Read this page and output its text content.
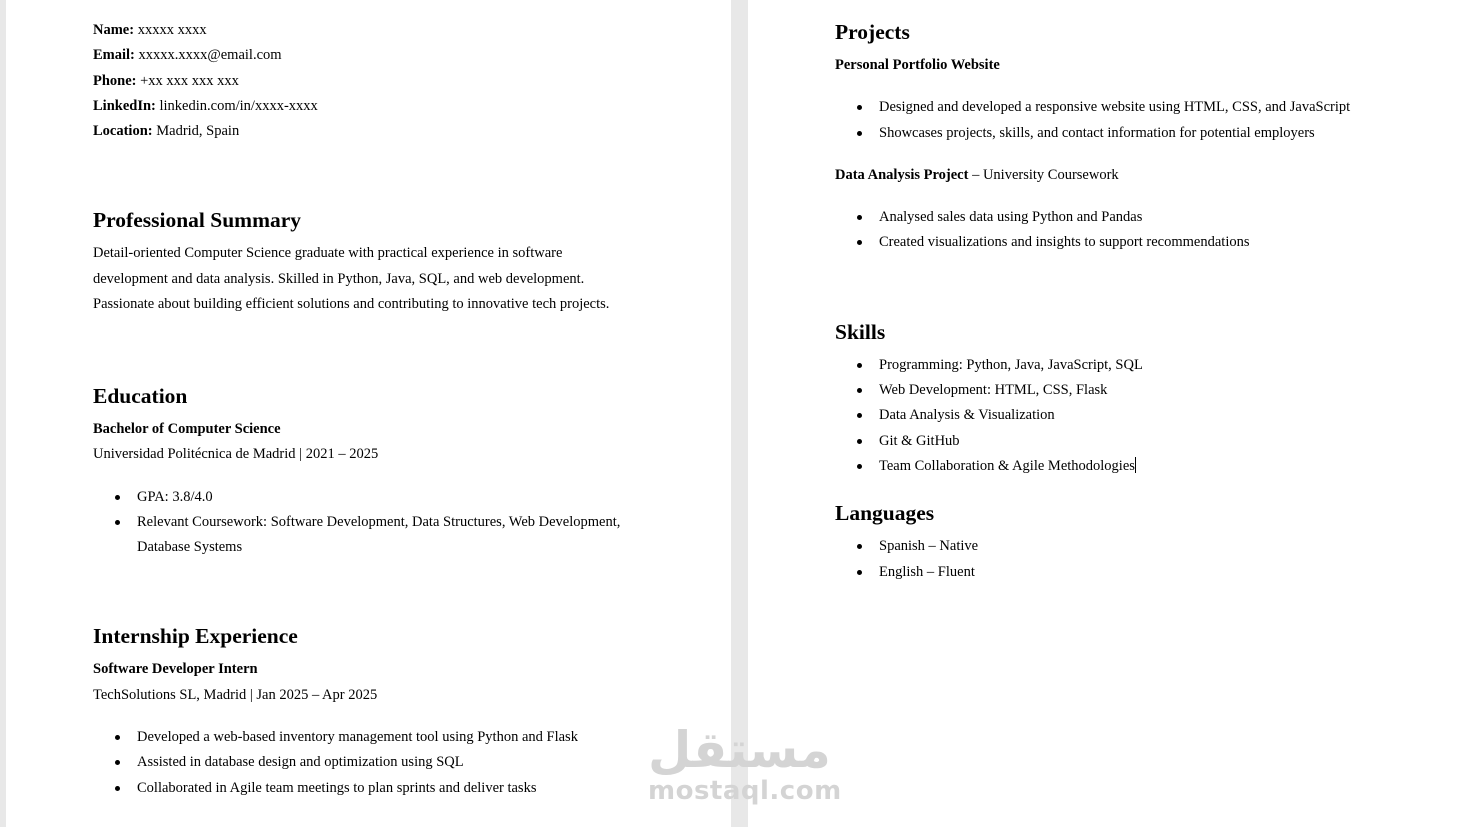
Name: xxxxx xxxx
Email: xxxxx.xxxx@email.com
Phone: +xx xxx xxx xxx
LinkedIn: linkedin.com/in/xxxx-xxxx
Location: Madrid, Spain
Professional Summary
Detail-oriented Computer Science graduate with practical experience in software
development and data analysis. Skilled in Python, Java, SQL, and web development.
Passionate about building efficient solutions and contributing to innovative tech projects.
Education
Bachelor of Computer Science
Universidad Politécnica de Madrid | 2021 – 2025
GPA: 3.8/4.0
Relevant Coursework: Software Development, Data Structures, Web Development,
Database Systems
Internship Experience
Software Developer Intern
TechSolutions SL, Madrid | Jan 2025 – Apr 2025
Developed a web-based inventory management tool using Python and Flask
Assisted in database design and optimization using SQL
Collaborated in Agile team meetings to plan sprints and deliver tasks
Projects
Personal Portfolio Website
Designed and developed a responsive website using HTML, CSS, and JavaScript
Showcases projects, skills, and contact information for potential employers
Data Analysis Project – University Coursework
Analysed sales data using Python and Pandas
Created visualizations and insights to support recommendations
Skills
Programming: Python, Java, JavaScript, SQL
Web Development: HTML, CSS, Flask
Data Analysis & Visualization
Git & GitHub
Team Collaboration & Agile Methodologies
Languages
Spanish – Native
English – Fluent
مستقل
mostaql.com
